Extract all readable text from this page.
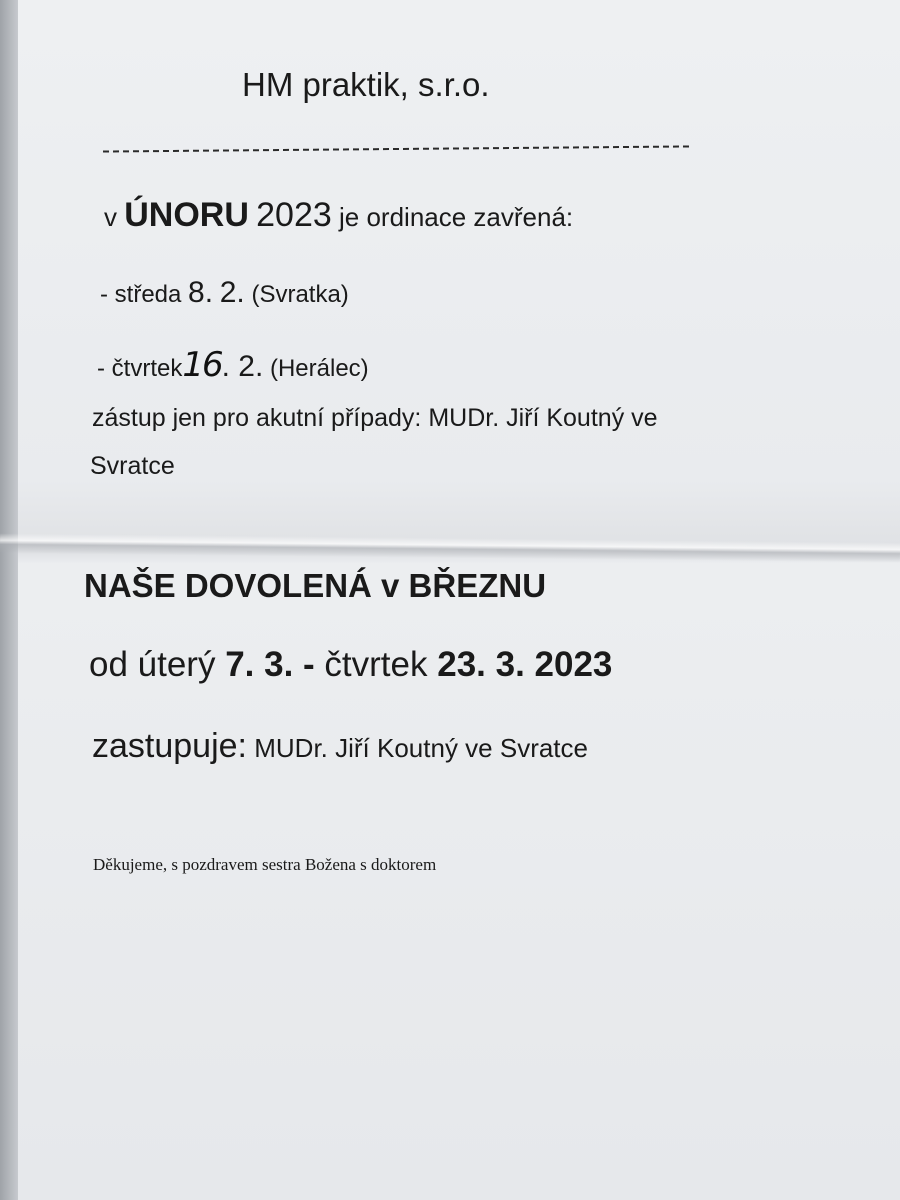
HM praktik, s.r.o.
v ÚNORU 2023 je ordinace zavřená:
- středa 8. 2. (Svratka)
- čtvrtek16. 2. (Herálec)
zástup jen pro akutní případy: MUDr. Jiří Koutný ve
Svratce
NAŠE DOVOLENÁ v BŘEZNU
od úterý 7. 3. - čtvrtek 23. 3. 2023
zastupuje: MUDr. Jiří Koutný ve Svratce
Děkujeme, s pozdravem sestra Božena s doktorem
